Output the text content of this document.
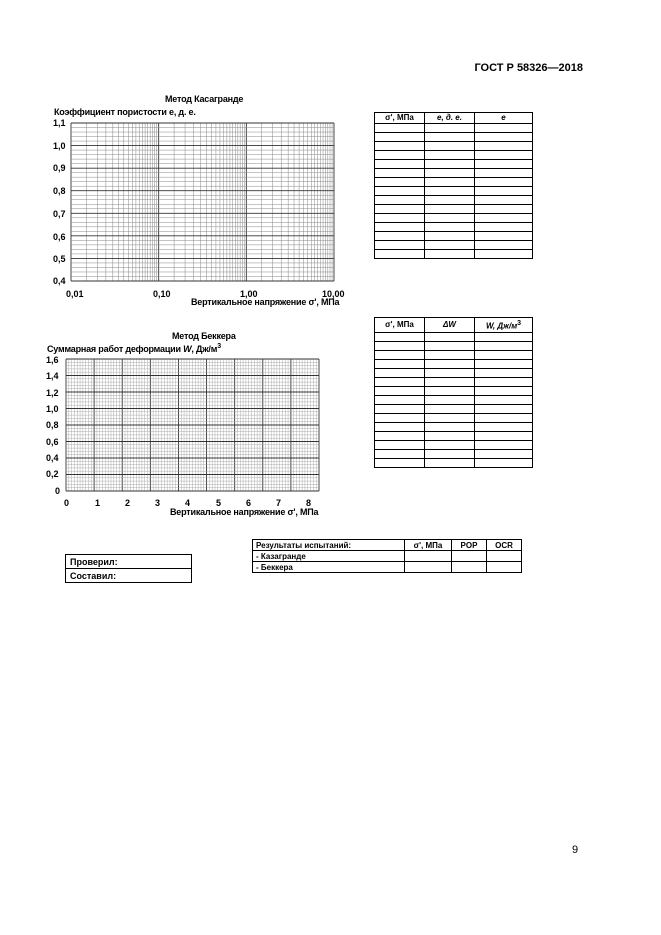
ГОСТ Р 58326—2018
Метод Касагранде
Коэффициент пористости е, д. е.
1,1
1,0
0,9
0,8
0,7
0,6
0,5
0,4
0,01	0,10	1,00	10,00
Вертикальное напряжение σ', МПа
Метод Беккера
Суммарная работ деформации W, $Дж/м^3$
1,6
1,4
1,2
1,0
0,8
0,6
0,4
0,2
0
0	1	2	3	4	5	6	7	8
Вертикальное напряжение σ', МПа
σ', МПа	е, д. е.	е

σ', МПа	ΔW	W, $Дж/м^3$

Проверил:
Составил:
Результаты испытаний:	σ', МПа	POP	OCR
- Казагранде			
- Беккера			
9
